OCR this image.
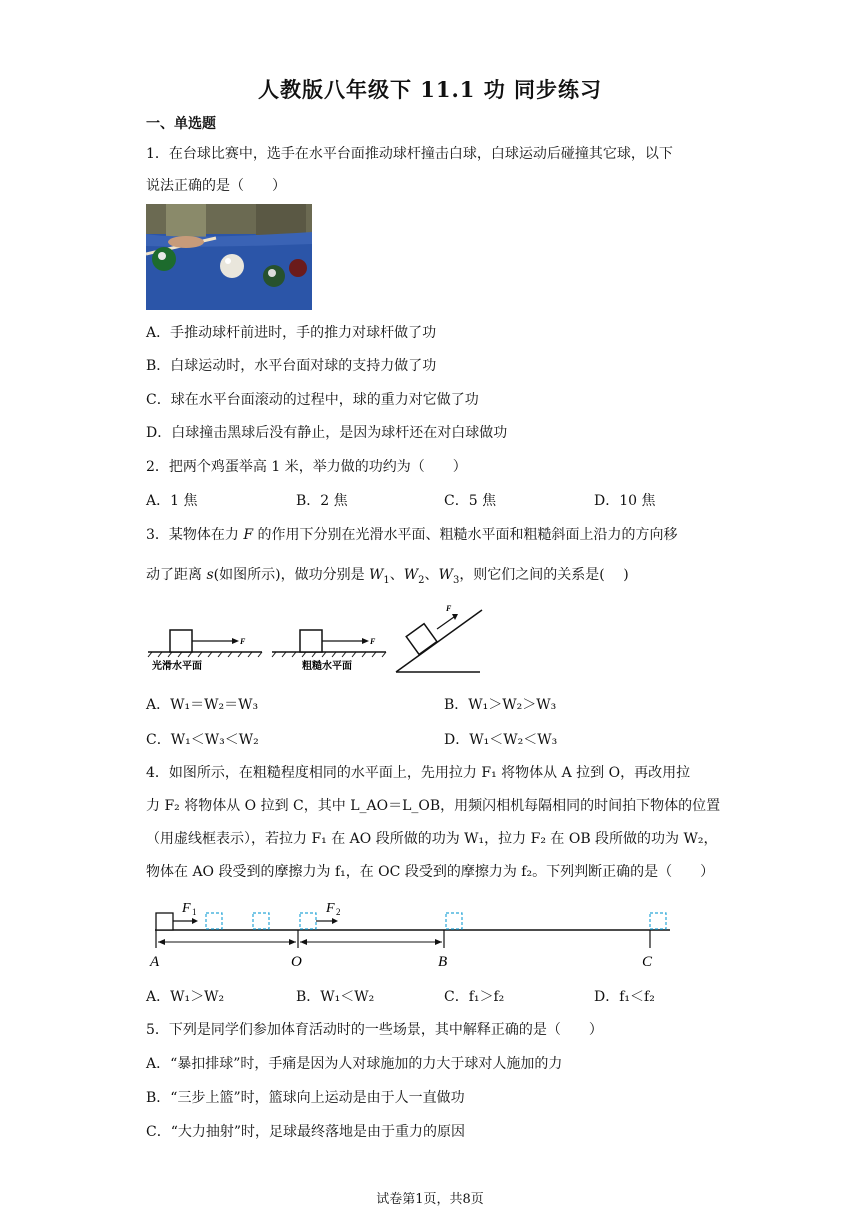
人教版八年级下 11.1 功 同步练习
一、单选题
1．在台球比赛中，选手在水平台面推动球杆撞击白球，白球运动后碰撞其它球，以下
说法正确的是（　　）
A．手推动球杆前进时，手的推力对球杆做了功
B．白球运动时，水平台面对球的支持力做了功
C．球在水平台面滚动的过程中，球的重力对它做了功
D．白球撞击黑球后没有静止，是因为球杆还在对白球做功
2．把两个鸡蛋举高 1 米，举力做的功约为（　　）
A．1 焦	B．2 焦	C．5 焦	D．10 焦
3．某物体在力 F 的作用下分别在光滑水平面、粗糙水平面和粗糙斜面上沿力的方向移
动了距离 s(如图所示)，做功分别是 $W_1$、$W_2$、$W_3$，则它们之间的关系是(　 )
F
光滑水平面
F
粗糙水平面
F
A．W₁＝W₂＝W₃	B．W₁＞W₂＞W₃
C．W₁＜W₃＜W₂	D．W₁＜W₂＜W₃
4．如图所示，在粗糙程度相同的水平面上，先用拉力 F₁ 将物体从 A 拉到 O，再改用拉
力 F₂ 将物体从 O 拉到 C，其中 L_AO＝L_OB，用频闪相机每隔相同的时间拍下物体的位置
（用虚线框表示），若拉力 F₁ 在 AO 段所做的功为 W₁，拉力 F₂ 在 OB 段所做的功为 W₂，
物体在 AO 段受到的摩擦力为 f₁，在 OC 段受到的摩擦力为 f₂。下列判断正确的是（　　）
F 1	F 2
A	O	B	C
A．W₁＞W₂	B．W₁＜W₂	C．f₁＞f₂	D．f₁＜f₂
5．下列是同学们参加体育活动时的一些场景，其中解释正确的是（　　）
A．“暴扣排球”时，手痛是因为人对球施加的力大于球对人施加的力
B．“三步上篮”时，篮球向上运动是由于人一直做功
C．“大力抽射”时，足球最终落地是由于重力的原因
试卷第1页，共8页
